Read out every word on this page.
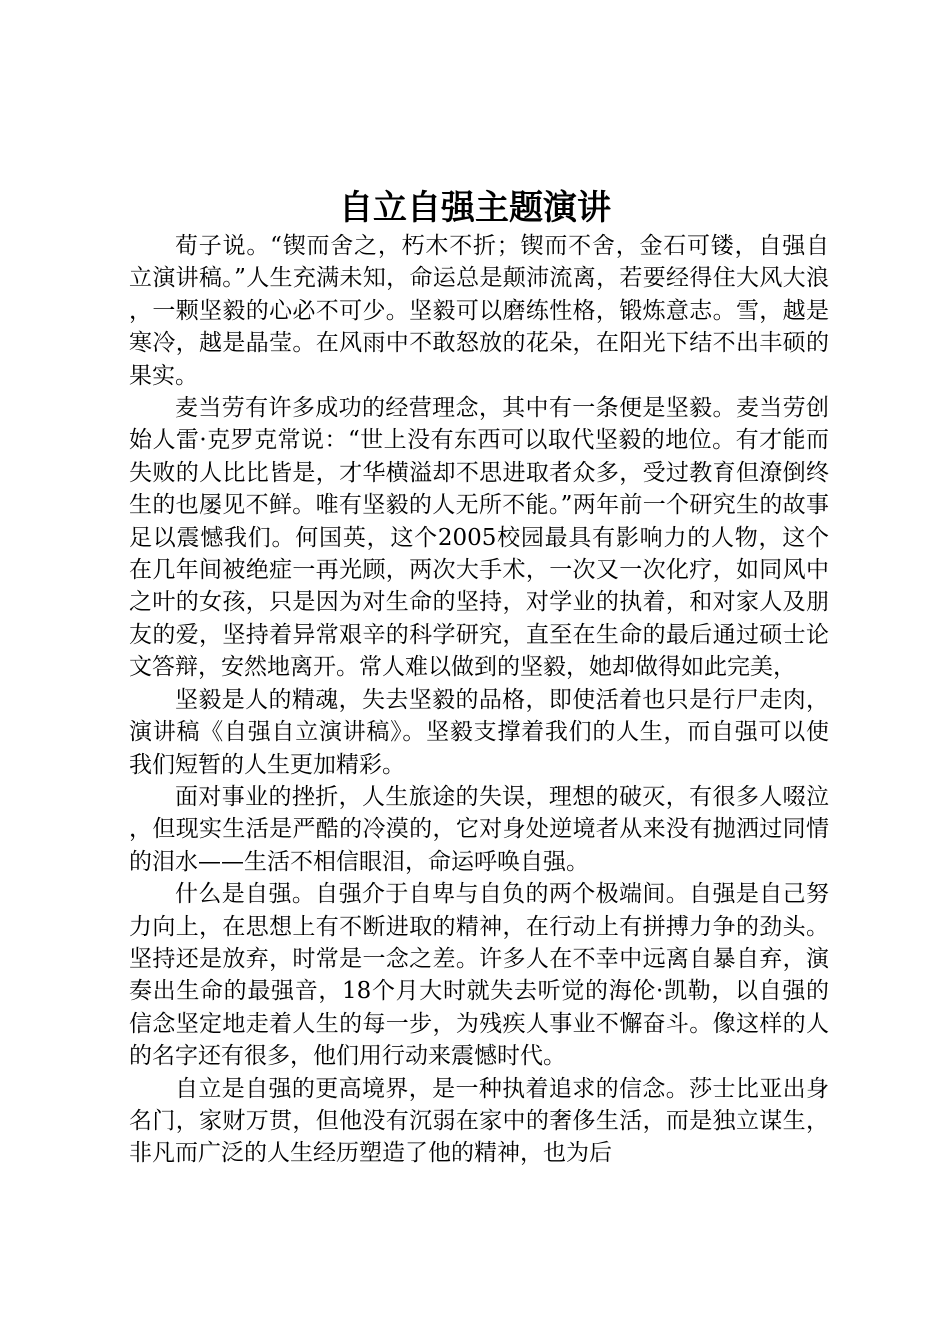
自立自强主题演讲

荀子说。“锲而舍之，朽木不折；锲而不舍，金石可镂，自强自立演讲稿。”人生充满未知，命运总是颠沛流离，若要经得住大风大浪，一颗坚毅的心必不可少。坚毅可以磨练性格，锻炼意志。雪，越是寒冷，越是晶莹。在风雨中不敢怒放的花朵，在阳光下结不出丰硕的果实。

麦当劳有许多成功的经营理念，其中有一条便是坚毅。麦当劳创始人雷·克罗克常说：“世上没有东西可以取代坚毅的地位。有才能而失败的人比比皆是，才华横溢却不思进取者众多，受过教育但潦倒终生的也屡见不鲜。唯有坚毅的人无所不能。”两年前一个研究生的故事足以震憾我们。何国英，这个2005校园最具有影响力的人物，这个在几年间被绝症一再光顾，两次大手术，一次又一次化疗，如同风中之叶的女孩，只是因为对生命的坚持，对学业的执着，和对家人及朋友的爱，坚持着异常艰辛的科学研究，直至在生命的最后通过硕士论文答辩，安然地离开。常人难以做到的坚毅，她却做得如此完美，

坚毅是人的精魂，失去坚毅的品格，即使活着也只是行尸走肉，演讲稿《自强自立演讲稿》。坚毅支撑着我们的人生，而自强可以使我们短暂的人生更加精彩。

面对事业的挫折，人生旅途的失误，理想的破灭，有很多人啜泣，但现实生活是严酷的冷漠的，它对身处逆境者从来没有抛洒过同情的泪水——生活不相信眼泪，命运呼唤自强。

什么是自强。自强介于自卑与自负的两个极端间。自强是自己努力向上，在思想上有不断进取的精神，在行动上有拼搏力争的劲头。坚持还是放弃，时常是一念之差。许多人在不幸中远离自暴自弃，演奏出生命的最强音，18个月大时就失去听觉的海伦·凯勒，以自强的信念坚定地走着人生的每一步，为残疾人事业不懈奋斗。像这样的人的名字还有很多，他们用行动来震憾时代。

自立是自强的更高境界，是一种执着追求的信念。莎士比亚出身名门，家财万贯，但他没有沉弱在家中的奢侈生活，而是独立谋生，非凡而广泛的人生经历塑造了他的精神，也为后
